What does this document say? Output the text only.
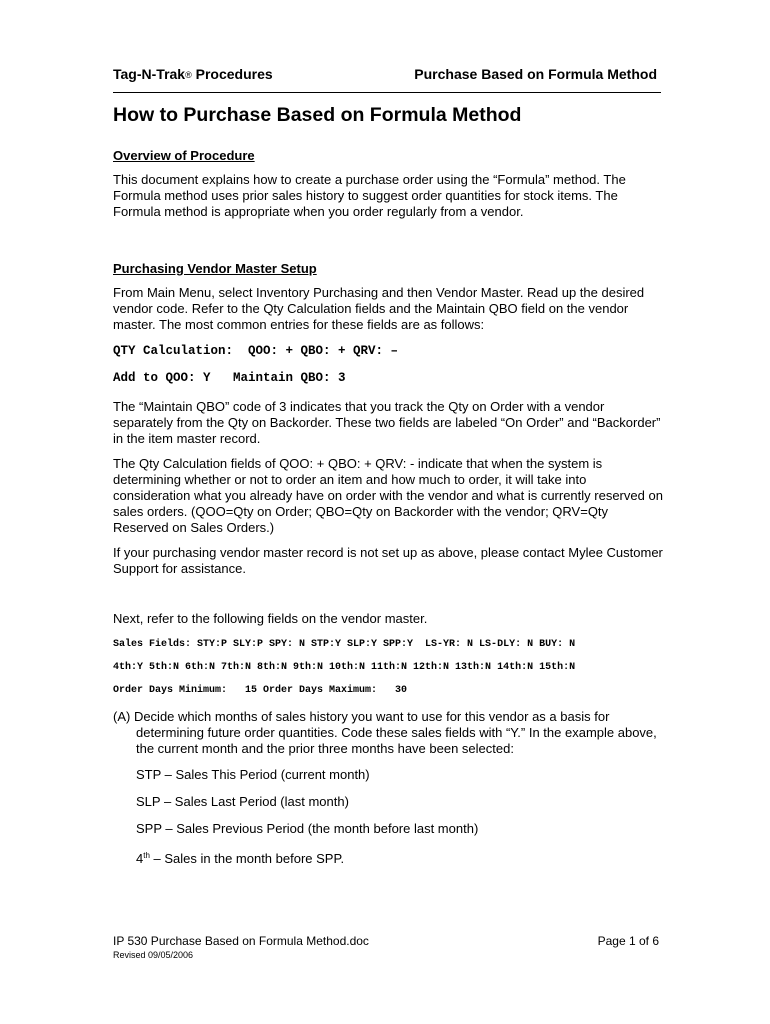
Tag-N-Trak® Procedures	Purchase Based on Formula Method
How to Purchase Based on Formula Method
Overview of Procedure

This document explains how to create a purchase order using the “Formula” method. The Formula method uses prior sales history to suggest order quantities for stock items. The Formula method is appropriate when you order regularly from a vendor.

Purchasing Vendor Master Setup

From Main Menu, select Inventory Purchasing and then Vendor Master. Read up the desired vendor code. Refer to the Qty Calculation fields and the Maintain QBO field on the vendor master. The most common entries for these fields are as follows:

QTY Calculation:  QOO: + QBO: + QRV: –
Add to QOO: Y   Maintain QBO: 3

The “Maintain QBO” code of 3 indicates that you track the Qty on Order with a vendor separately from the Qty on Backorder. These two fields are labeled “On Order” and “Backorder” in the item master record.

The Qty Calculation fields of QOO: + QBO: + QRV: - indicate that when the system is determining whether or not to order an item and how much to order, it will take into consideration what you already have on order with the vendor and what is currently reserved on sales orders. (QOO=Qty on Order; QBO=Qty on Backorder with the vendor; QRV=Qty Reserved on Sales Orders.)

If your purchasing vendor master record is not set up as above, please contact Mylee Customer Support for assistance.

Next, refer to the following fields on the vendor master.

Sales Fields: STY:P SLY:P SPY: N STP:Y SLP:Y SPP:Y  LS-YR: N LS-DLY: N BUY: N
4th:Y 5th:N 6th:N 7th:N 8th:N 9th:N 10th:N 11th:N 12th:N 13th:N 14th:N 15th:N
Order Days Minimum:   15 Order Days Maximum:   30
(A) Decide which months of sales history you want to use for this vendor as a basis for determining future order quantities. Code these sales fields with “Y.” In the example above, the current month and the prior three months have been selected:
STP – Sales This Period (current month)
SLP – Sales Last Period (last month)
SPP – Sales Previous Period (the month before last month)
4th – Sales in the month before SPP.
IP 530 Purchase Based on Formula Method.doc	Page 1 of 6
Revised 09/05/2006
